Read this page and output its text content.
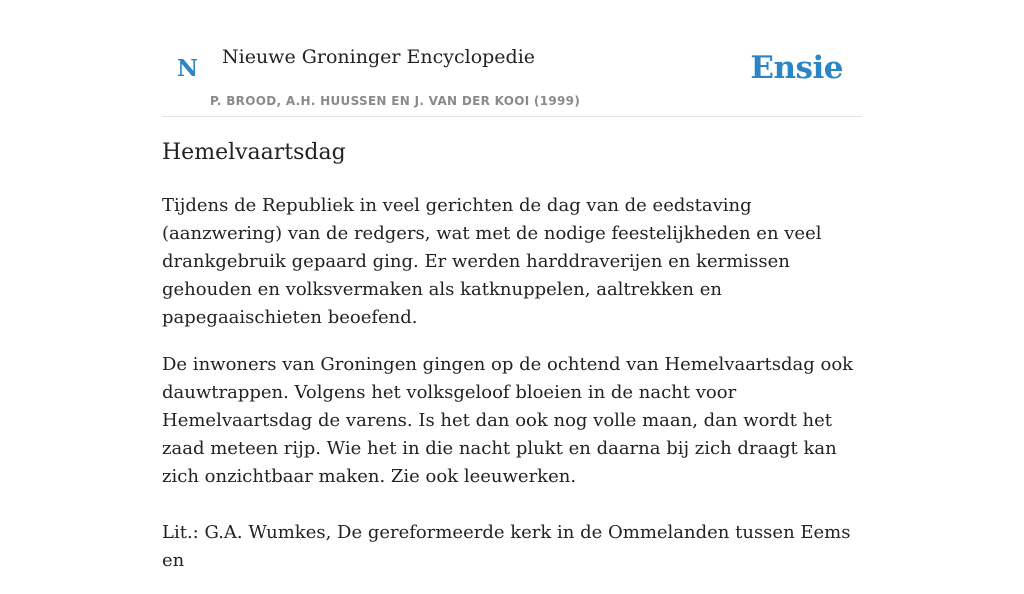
N Nieuwe Groninger Encyclopedie
P. BROOD, A.H. HUUSSEN EN J. VAN DER KOOI (1999)
Ensie
Hemelvaartsdag

Tijdens de Republiek in veel gerichten de dag van de eedstaving (aanzwering) van de redgers, wat met de nodige feestelijkheden en veel drankgebruik gepaard ging. Er werden harddraverijen en kermissen gehouden en volksvermaken als katknuppelen, aaltrekken en papegaaischieten beoefend.

De inwoners van Groningen gingen op de ochtend van Hemelvaartsdag ook dauwtrappen. Volgens het volksgeloof bloeien in de nacht voor Hemelvaartsdag de varens. Is het dan ook nog volle maan, dan wordt het zaad meteen rijp. Wie het in die nacht plukt en daarna bij zich draagt kan zich onzichtbaar maken. Zie ook leeuwerken.

Lit.: G.A. Wumkes, De gereformeerde kerk in de Ommelanden tussen Eems en
